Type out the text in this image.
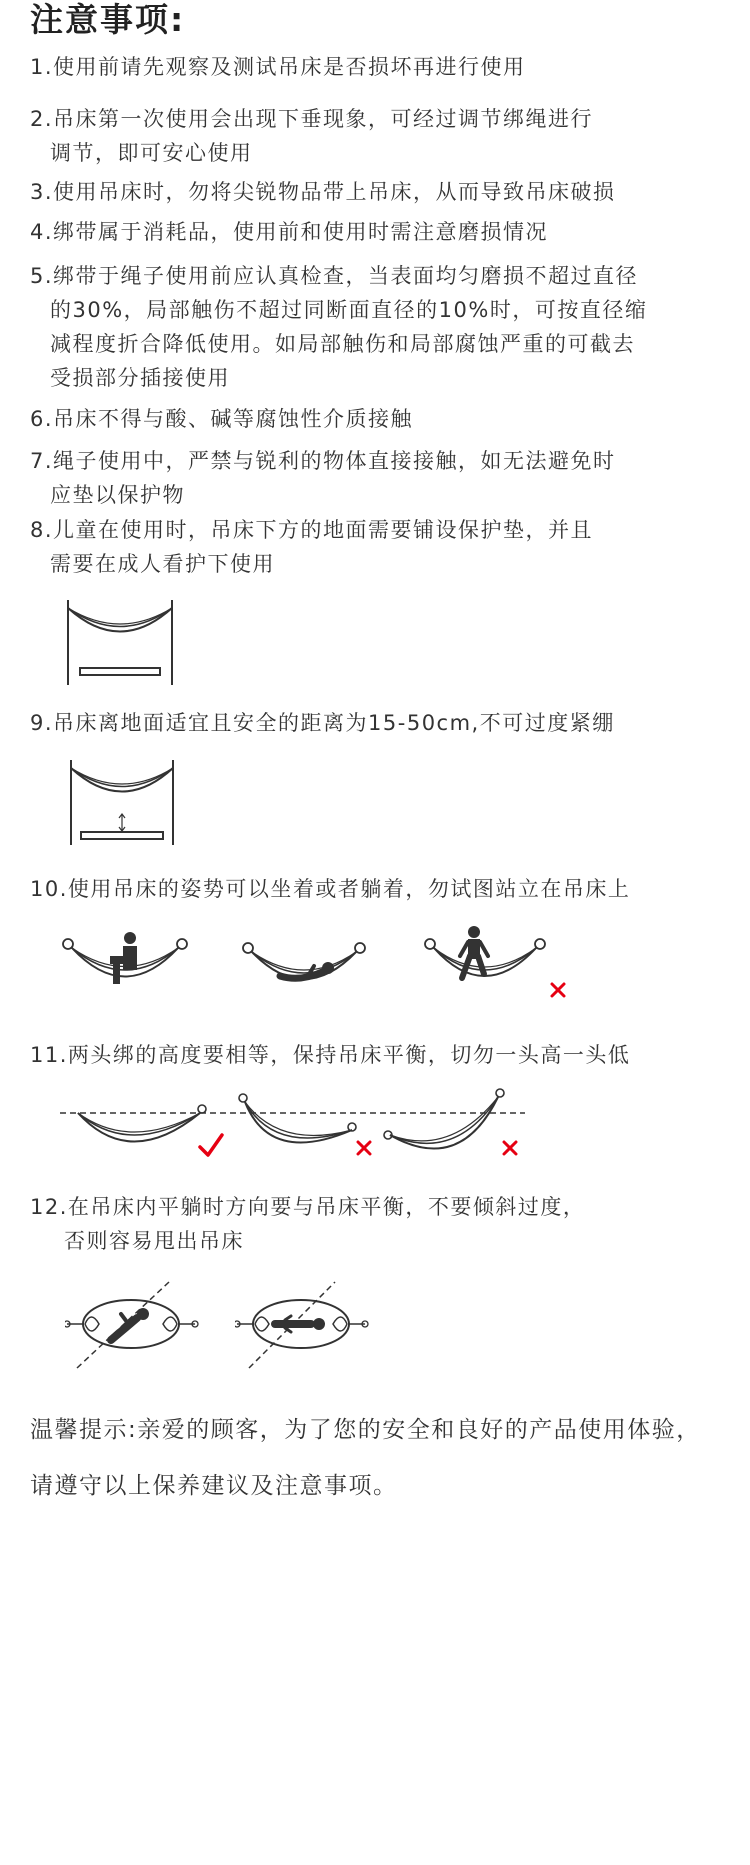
注意事项:
1.使用前请先观察及测试吊床是否损坏再进行使用
2.吊床第一次使用会出现下垂现象，可经过调节绑绳进行
调节，即可安心使用
3.使用吊床时，勿将尖锐物品带上吊床，从而导致吊床破损
4.绑带属于消耗品，使用前和使用时需注意磨损情况
5.绑带于绳子使用前应认真检查，当表面均匀磨损不超过直径
的30%，局部触伤不超过同断面直径的10%时，可按直径缩
减程度折合降低使用。如局部触伤和局部腐蚀严重的可截去
受损部分插接使用
6.吊床不得与酸、碱等腐蚀性介质接触
7.绳子使用中，严禁与锐利的物体直接接触，如无法避免时
应垫以保护物
8.儿童在使用时，吊床下方的地面需要铺设保护垫，并且
需要在成人看护下使用
9.吊床离地面适宜且安全的距离为15-50cm,不可过度紧绷
10.使用吊床的姿势可以坐着或者躺着，勿试图站立在吊床上
11.两头绑的高度要相等，保持吊床平衡，切勿一头高一头低
12.在吊床内平躺时方向要与吊床平衡，不要倾斜过度，
否则容易甩出吊床
温馨提示:亲爱的顾客，为了您的安全和良好的产品使用体验，
请遵守以上保养建议及注意事项。
